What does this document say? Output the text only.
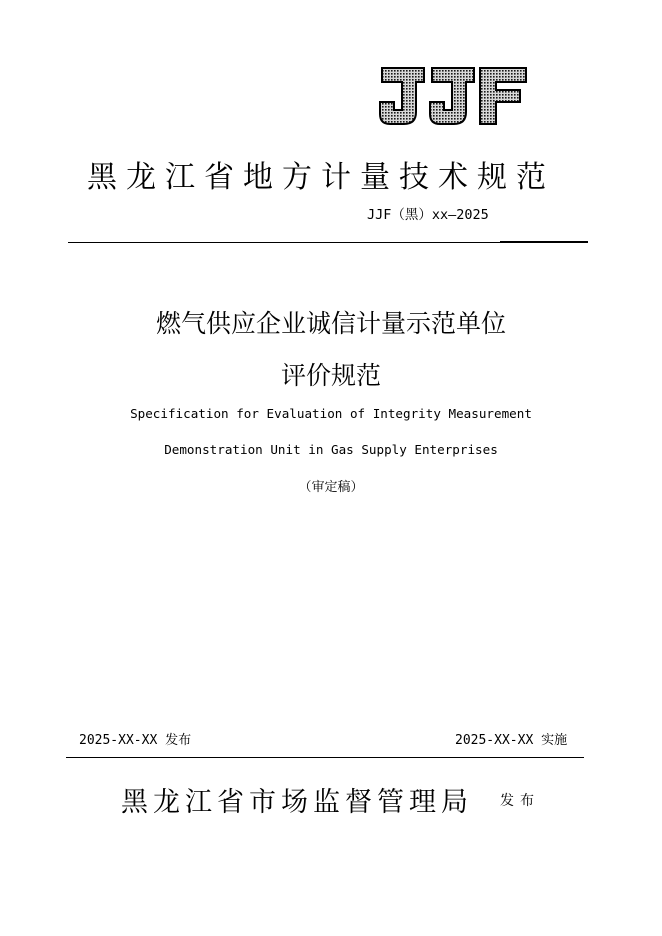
黑龙江省地方计量技术规范
JJF（黑）xx—2025
燃气供应企业诚信计量示范单位
评价规范
Specification for Evaluation of Integrity Measurement
Demonstration Unit in Gas Supply Enterprises
（审定稿）
2025-XX-XX 发布	2025-XX-XX 实施
黑龙江省市场监督管理局 发布
